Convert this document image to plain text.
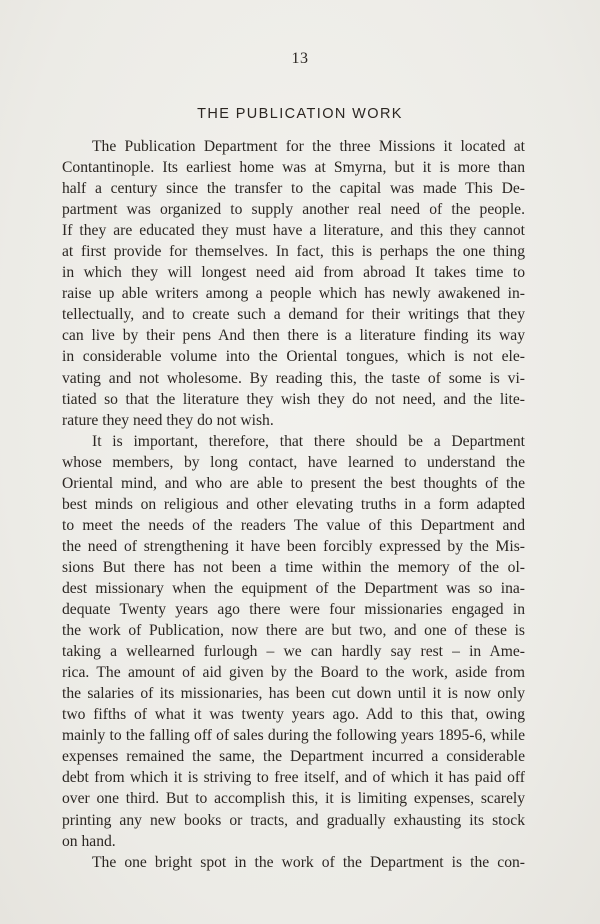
13
THE PUBLICATION WORK
The Publication Department for the three Missions it located at
Contantinople. Its earliest home was at Smyrna, but it is more than
half a century since the transfer to the capital was made This De-
partment was organized to supply another real need of the people.
If they are educated they must have a literature, and this they cannot
at first provide for themselves. In fact, this is perhaps the one thing
in which they will longest need aid from abroad It takes time to
raise up able writers among a people which has newly awakened in-
tellectually, and to create such a demand for their writings that they
can live by their pens And then there is a literature finding its way
in considerable volume into the Oriental tongues, which is not ele-
vating and not wholesome. By reading this, the taste of some is vi-
tiated so that the literature they wish they do not need, and the lite-
rature they need they do not wish.
It is important, therefore, that there should be a Department
whose members, by long contact, have learned to understand the
Oriental mind, and who are able to present the best thoughts of the
best minds on religious and other elevating truths in a form adapted
to meet the needs of the readers The value of this Department and
the need of strengthening it have been forcibly expressed by the Mis-
sions But there has not been a time within the memory of the ol-
dest missionary when the equipment of the Department was so ina-
dequate Twenty years ago there were four missionaries engaged in
the work of Publication, now there are but two, and one of these is
taking a wellearned furlough – we can hardly say rest – in Ame-
rica. The amount of aid given by the Board to the work, aside from
the salaries of its missionaries, has been cut down until it is now only
two fifths of what it was twenty years ago. Add to this that, owing
mainly to the falling off of sales during the following years 1895-6, while
expenses remained the same, the Department incurred a considerable
debt from which it is striving to free itself, and of which it has paid off
over one third. But to accomplish this, it is limiting expenses, scarely
printing any new books or tracts, and gradually exhausting its stock
on hand.
The one bright spot in the work of the Department is the con-
